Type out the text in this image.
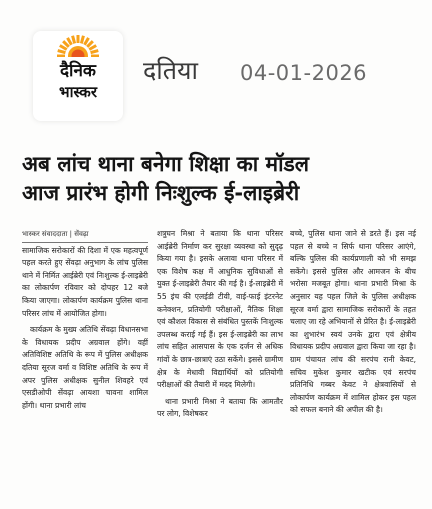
दैनिक
भास्कर
दतिया 04-01-2026
अब लांच थाना बनेगा शिक्षा का मॉडल
आज प्रारंभ होगी निःशुल्क ई-लाइब्रेरी
भास्कर संवाददाता | सेंवढ़ा

सामाजिक सरोकारों की दिशा में एक महत्वपूर्ण पहल करते हुए सेंवढ़ा अनुभाग के लांच पुलिस थाने में निर्मित आईब्रेरी एवं निःशुल्क ई-लाइब्रेरी का लोकार्पण रविवार को दोपहर 12 बजे किया जाएगा। लोकार्पण कार्यक्रम पुलिस थाना परिसर लांच में आयोजित होगा।

कार्यक्रम के मुख्य अतिथि सेंवढ़ा विधानसभा के विधायक प्रदीप अग्रवाल होंगे। वहीं अतिविशिष्ट अतिथि के रूप में पुलिस अधीक्षक दतिया सूरज वर्मा व विशिष्ट अतिथि के रूप में अपर पुलिस अधीक्षक सुनील शिवहरे एवं एसडीओपी सेंवढ़ा आयशा चावना शामिल होंगी। थाना प्रभारी लांच

शत्रुघन मिश्रा ने बताया कि थाना परिसर आईब्रेरी निर्माण कर सुरक्षा व्यवस्था को सुदृढ़ किया गया है। इसके अलावा थाना परिसर में एक विशेष कक्ष में आधुनिक सुविधाओं से युक्त ई-लाइब्रेरी तैयार की गई है। ई-लाइब्रेरी में 55 इंच की एलईडी टीवी, वाई-फाई इंटरनेट कनेक्शन, प्रतियोगी परीक्षाओं, नैतिक शिक्षा एवं कौशल विकास से संबंधित पुस्तकें निःशुल्क उपलब्ध कराई गई हैं। इस ई-लाइब्रेरी का लाभ लांच सहित आसपास के एक दर्जन से अधिक गांवों के छात्र-छात्राएं उठा सकेंगे। इससे ग्रामीण क्षेत्र के मेधावी विद्यार्थियों को प्रतियोगी परीक्षाओं की तैयारी में मदद मिलेगी।

थाना प्रभारी मिश्रा ने बताया कि आमतौर पर लोग, विशेषकर

बच्चे, पुलिस थाना जाने से डरते हैं। इस नई पहल से बच्चे न सिर्फ थाना परिसर आएंगे, बल्कि पुलिस की कार्यप्रणाली को भी समझ सकेंगे। इससे पुलिस और आमजन के बीच भरोसा मजबूत होगा। थाना प्रभारी मिश्रा के अनुसार यह पहल जिले के पुलिस अधीक्षक सूरज वर्मा द्वारा सामाजिक सरोकारों के तहत चलाए जा रहे अभियानों से प्रेरित है। ई-लाइब्रेरी का शुभारंभ स्वयं उनके द्वारा एवं क्षेत्रीय विधायक प्रदीप अग्रवाल द्वारा किया जा रहा है। ग्राम पंचायत लांच की सरपंच रानी केवट, सचिव मुकेश कुमार खटीक एवं सरपंच प्रतिनिधि गब्बर केवट ने क्षेत्रवासियों से लोकार्पण कार्यक्रम में शामिल होकर इस पहल को सफल बनाने की अपील की है।
